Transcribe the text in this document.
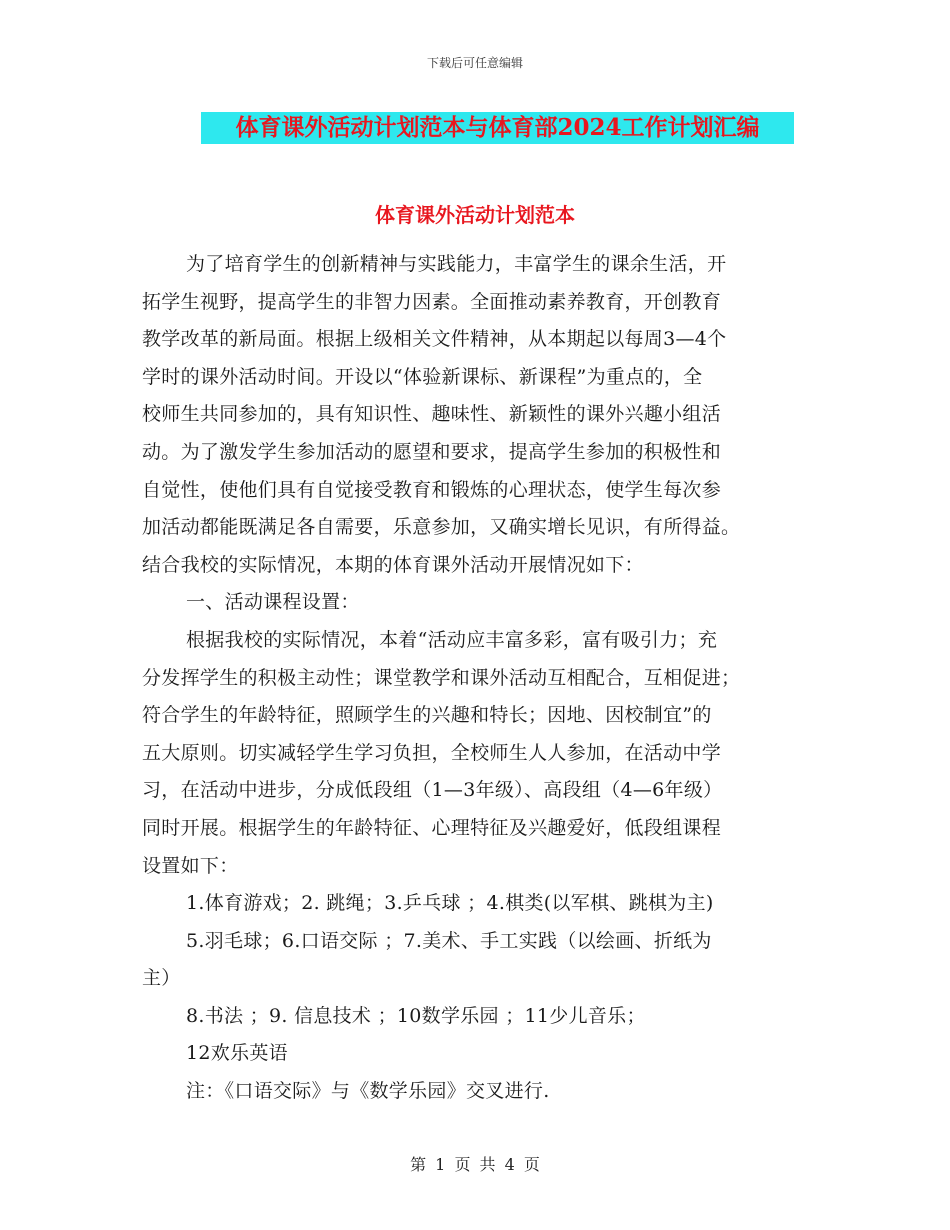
下载后可任意编辑
体育课外活动计划范本与体育部2024工作计划汇编
体育课外活动计划范本
为了培育学生的创新精神与实践能力，丰富学生的课余生活，开
拓学生视野，提高学生的非智力因素。全面推动素养教育，开创教育
教学改革的新局面。根据上级相关文件精神，从本期起以每周3—4个
学时的课外活动时间。开设以“体验新课标、新课程”为重点的，全
校师生共同参加的，具有知识性、趣味性、新颖性的课外兴趣小组活
动。为了激发学生参加活动的愿望和要求，提高学生参加的积极性和
自觉性，使他们具有自觉接受教育和锻炼的心理状态，使学生每次参
加活动都能既满足各自需要，乐意参加，又确实增长见识，有所得益。
结合我校的实际情况，本期的体育课外活动开展情况如下：
一、活动课程设置：
根据我校的实际情况，本着“活动应丰富多彩，富有吸引力；充
分发挥学生的积极主动性；课堂教学和课外活动互相配合，互相促进；
符合学生的年龄特征，照顾学生的兴趣和特长；因地、因校制宜”的
五大原则。切实减轻学生学习负担，全校师生人人参加，在活动中学
习，在活动中进步，分成低段组（1—3年级）、高段组（4—6年级）
同时开展。根据学生的年龄特征、心理特征及兴趣爱好，低段组课程
设置如下：
1.体育游戏；2. 跳绳；3.乒乓球 ；4.棋类(以军棋、跳棋为主)
5.羽毛球；6.口语交际 ；7.美术、手工实践（以绘画、折纸为
主）
8.书法 ；9. 信息技术 ；10数学乐园 ；11少儿音乐；
12欢乐英语
注：《口语交际》与《数学乐园》交叉进行.
第 1 页 共 4 页
